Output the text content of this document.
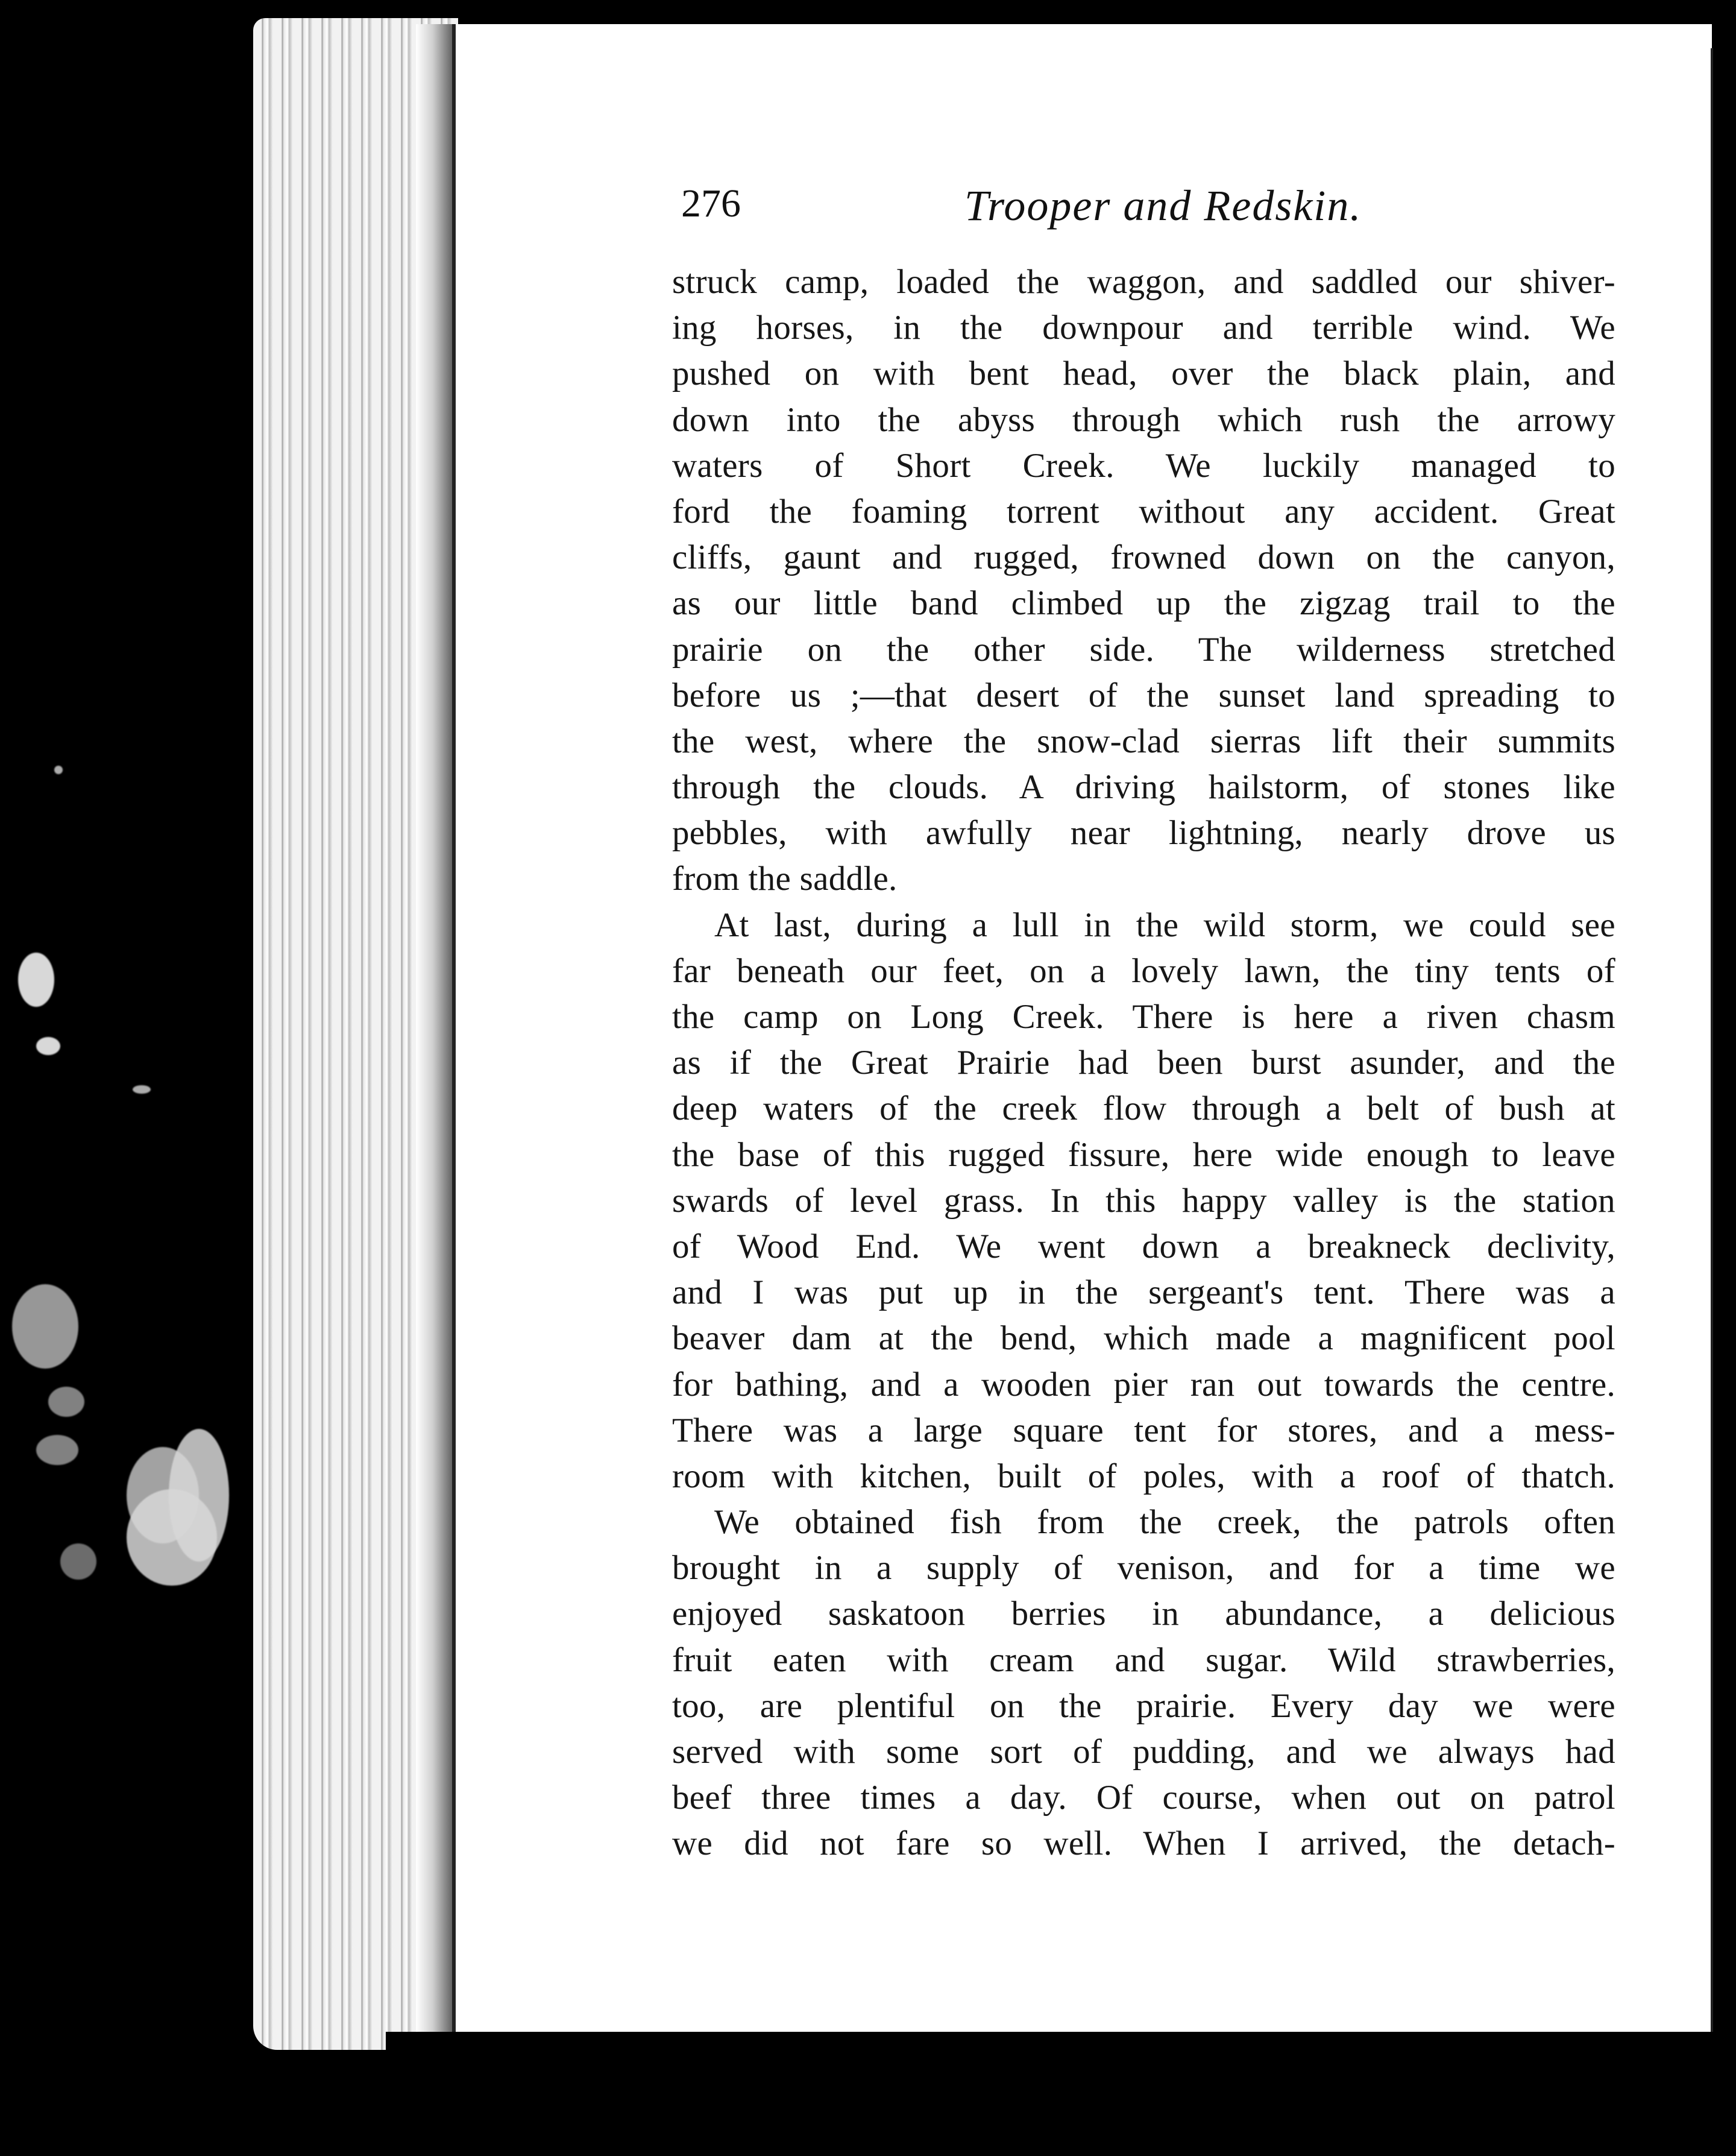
276	Trooper and Redskin.
struck camp, loaded the waggon, and saddled our shiver-
ing horses, in the downpour and terrible wind. We
pushed on with bent head, over the black plain, and
down into the abyss through which rush the arrowy
waters of Short Creek. We luckily managed to
ford the foaming torrent without any accident. Great
cliffs, gaunt and rugged, frowned down on the canyon,
as our little band climbed up the zigzag trail to the
prairie on the other side. The wilderness stretched
before us ;—that desert of the sunset land spreading to
the west, where the snow-clad sierras lift their summits
through the clouds. A driving hailstorm, of stones like
pebbles, with awfully near lightning, nearly drove us
from the saddle.
At last, during a lull in the wild storm, we could see
far beneath our feet, on a lovely lawn, the tiny tents of
the camp on Long Creek. There is here a riven chasm
as if the Great Prairie had been burst asunder, and the
deep waters of the creek flow through a belt of bush at
the base of this rugged fissure, here wide enough to leave
swards of level grass. In this happy valley is the station
of Wood End. We went down a breakneck declivity,
and I was put up in the sergeant's tent. There was a
beaver dam at the bend, which made a magnificent pool
for bathing, and a wooden pier ran out towards the centre.
There was a large square tent for stores, and a mess-
room with kitchen, built of poles, with a roof of thatch.
We obtained fish from the creek, the patrols often
brought in a supply of venison, and for a time we
enjoyed saskatoon berries in abundance, a delicious
fruit eaten with cream and sugar. Wild strawberries,
too, are plentiful on the prairie. Every day we were
served with some sort of pudding, and we always had
beef three times a day. Of course, when out on patrol
we did not fare so well. When I arrived, the detach-
